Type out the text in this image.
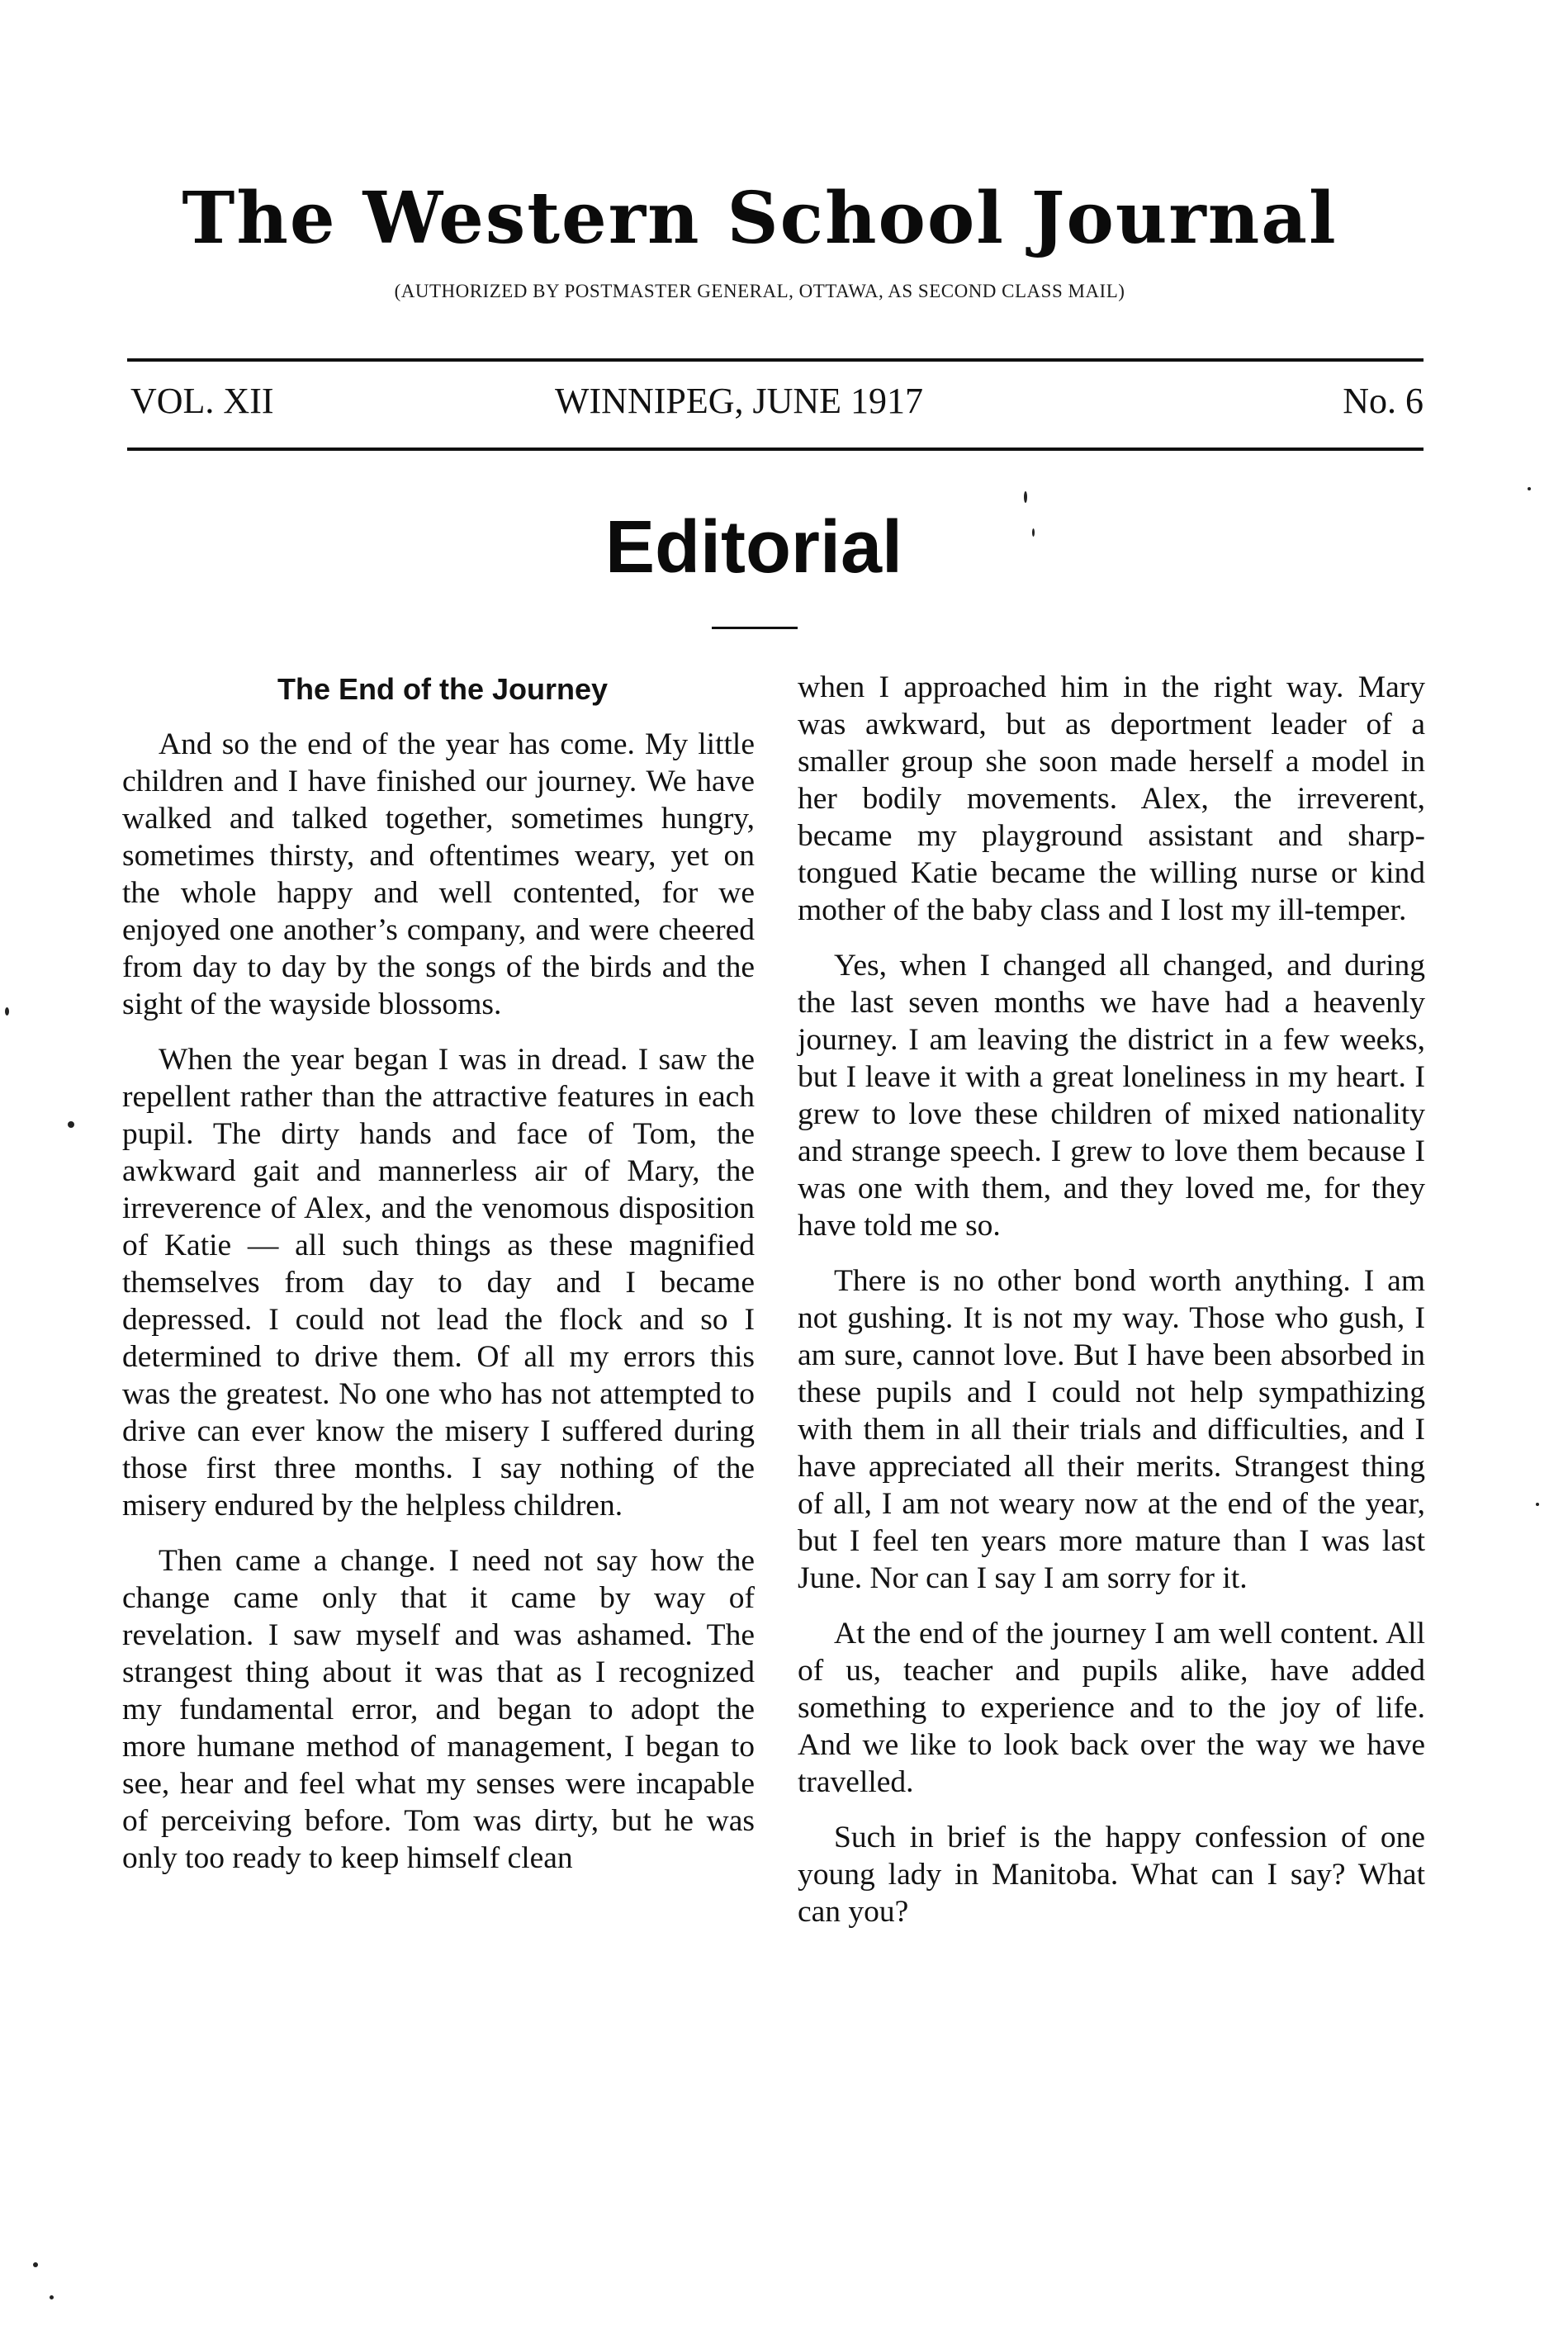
The Western School Journal
(AUTHORIZED BY POSTMASTER GENERAL, OTTAWA, AS SECOND CLASS MAIL)
VOL. XII	WINNIPEG, JUNE 1917	No. 6
Editorial
The End of the Journey

And so the end of the year has come. My little children and I have finished our journey. We have walked and talked together, sometimes hungry, sometimes thirsty, and oftentimes weary, yet on the whole happy and well contented, for we enjoyed one another’s company, and were cheered from day to day by the songs of the birds and the sight of the wayside blossoms.

When the year began I was in dread. I saw the repellent rather than the attractive features in each pupil. The dirty hands and face of Tom, the awkward gait and mannerless air of Mary, the irreverence of Alex, and the venomous disposition of Katie — all such things as these magnified themselves from day to day and I became depressed. I could not lead the flock and so I determined to drive them. Of all my errors this was the greatest. No one who has not attempted to drive can ever know the misery I suffered during those first three months. I say nothing of the misery endured by the helpless children.

Then came a change. I need not say how the change came only that it came by way of revelation. I saw myself and was ashamed. The strangest thing about it was that as I recognized my fundamental error, and began to adopt the more humane method of management, I began to see, hear and feel what my senses were incapable of perceiving before. Tom was dirty, but he was only too ready to keep himself clean

when I approached him in the right way. Mary was awkward, but as deportment leader of a smaller group she soon made herself a model in her bodily movements. Alex, the irreverent, became my playground assistant and sharp-tongued Katie became the willing nurse or kind mother of the baby class and I lost my ill-temper.

Yes, when I changed all changed, and during the last seven months we have had a heavenly journey. I am leaving the district in a few weeks, but I leave it with a great loneliness in my heart. I grew to love these children of mixed nationality and strange speech. I grew to love them because I was one with them, and they loved me, for they have told me so.

There is no other bond worth anything. I am not gushing. It is not my way. Those who gush, I am sure, cannot love. But I have been absorbed in these pupils and I could not help sympathizing with them in all their trials and difficulties, and I have appreciated all their merits. Strangest thing of all, I am not weary now at the end of the year, but I feel ten years more mature than I was last June. Nor can I say I am sorry for it.

At the end of the journey I am well content. All of us, teacher and pupils alike, have added something to experience and to the joy of life. And we like to look back over the way we have travelled.

Such in brief is the happy confession of one young lady in Manitoba. What can I say? What can you?
